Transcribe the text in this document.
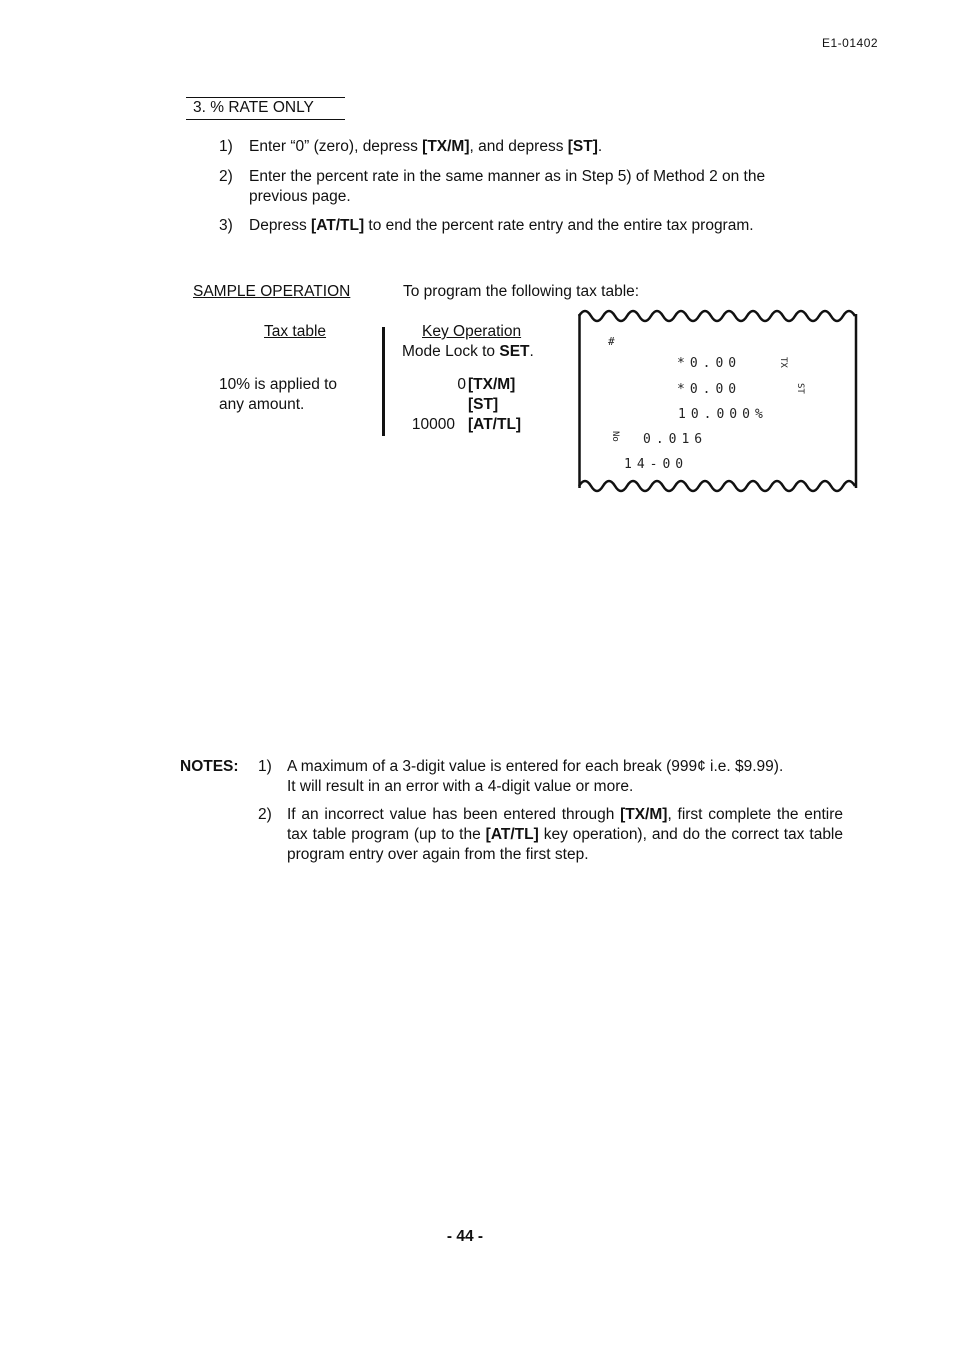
E1-01402
3. % RATE ONLY
1) Enter “0” (zero), depress [TX/M], and depress [ST].
2) Enter the percent rate in the same manner as in Step 5) of Method 2 on the
previous page.
3) Depress [AT/TL] to end the percent rate entry and the entire tax program.
SAMPLE OPERATION	To program the following tax table:
Tax table
10% is applied to
any amount.
Key Operation
Mode Lock to SET.
0 [TX/M]
[ST]
10000 [AT/TL]
#
*0.00	TX
*0.00	ST
10.000%
No	0.016
14-00
NOTES: 1) A maximum of a 3-digit value is entered for each break (999¢ i.e. $9.99).
It will result in an error with a 4-digit value or more.
2) If an incorrect value has been entered through [TX/M], first complete the entire tax table program (up to the [AT/TL] key operation), and do the correct tax table program entry over again from the first step.
- 44 -
